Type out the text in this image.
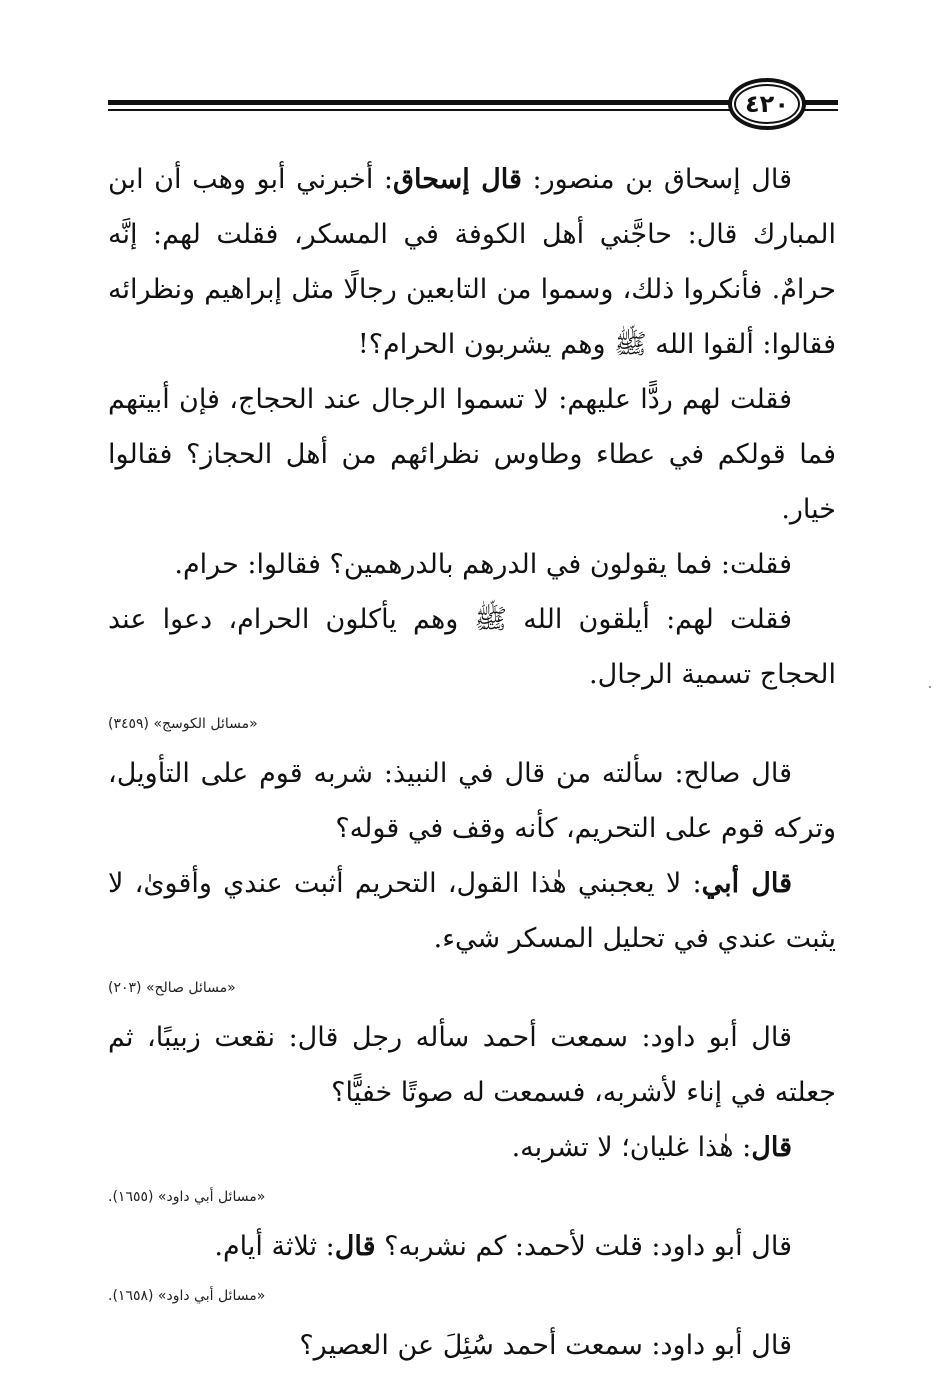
٤٢٠

قال إسحاق بن منصور: قال إسحاق: أخبرني أبو وهب أن ابن المبارك قال: حاجَّني أهل الكوفة في المسكر، فقلت لهم: إنَّه حرامٌ. فأنكروا ذلك، وسموا من التابعين رجالًا مثل إبراهيم ونظرائه فقالوا: ألقوا الله ﷺ وهم يشربون الحرام؟!

فقلت لهم ردًّا عليهم: لا تسموا الرجال عند الحجاج، فإن أبيتهم فما قولكم في عطاء وطاوس نظرائهم من أهل الحجاز؟ فقالوا خيار.

فقلت: فما يقولون في الدرهم بالدرهمين؟ فقالوا: حرام.

فقلت لهم: أيلقون الله ﷺ وهم يأكلون الحرام، دعوا عند الحجاج تسمية الرجال.

«مسائل الكوسج» (٣٤٥٩)

قال صالح: سألته من قال في النبيذ: شربه قوم على التأويل، وتركه قوم على التحريم، كأنه وقف في قوله؟

قال أبي: لا يعجبني هٰذا القول، التحريم أثبت عندي وأقوىٰ، لا يثبت عندي في تحليل المسكر شيء.

«مسائل صالح» (٢٠٣)

قال أبو داود: سمعت أحمد سأله رجل قال: نقعت زبيبًا، ثم جعلته في إناء لأشربه، فسمعت له صوتًا خفيًّا؟

قال: هٰذا غليان؛ لا تشربه.

«مسائل أبي داود» (١٦٥٥).

قال أبو داود: قلت لأحمد: كم نشربه؟ قال: ثلاثة أيام.

«مسائل أبي داود» (١٦٥٨).

قال أبو داود: سمعت أحمد سُئِلَ عن العصير؟
